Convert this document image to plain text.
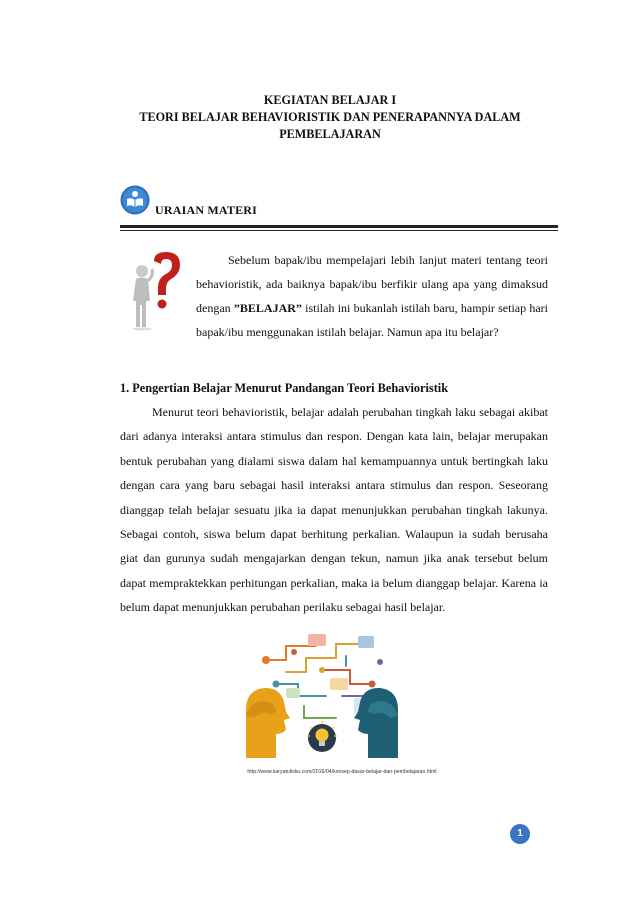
KEGIATAN BELAJAR I
TEORI BELAJAR BEHAVIORISTIK DAN PENERAPANNYA DALAM
PEMBELAJARAN
URAIAN MATERI
Sebelum bapak/ibu mempelajari lebih lanjut materi tentang teori behavioristik, ada baiknya bapak/ibu berfikir ulang apa yang dimaksud dengan ”BELAJAR” istilah ini bukanlah istilah baru, hampir setiap hari bapak/ibu menggunakan istilah belajar. Namun apa itu belajar?
1. Pengertian Belajar Menurut Pandangan Teori Behavioristik
Menurut teori behavioristik, belajar adalah perubahan tingkah laku sebagai akibat dari adanya interaksi antara stimulus dan respon. Dengan kata lain, belajar merupakan bentuk perubahan yang dialami siswa dalam hal kemampuannya untuk bertingkah laku dengan cara yang baru sebagai hasil interaksi antara stimulus dan respon. Seseorang dianggap telah belajar sesuatu jika ia dapat menunjukkan perubahan tingkah lakunya. Sebagai contoh, siswa belum dapat berhitung perkalian. Walaupun ia sudah berusaha giat dan gurunya sudah mengajarkan dengan tekun, namun jika anak tersebut belum dapat mempraktekkan perhitungan perkalian, maka ia belum dianggap belajar. Karena ia belum dapat menunjukkan perubahan perilaku sebagai hasil belajar.
http://www.karyatulisku.com/2016/04/konsep-dasar-belajar-dan-pembelajaran.html
1
